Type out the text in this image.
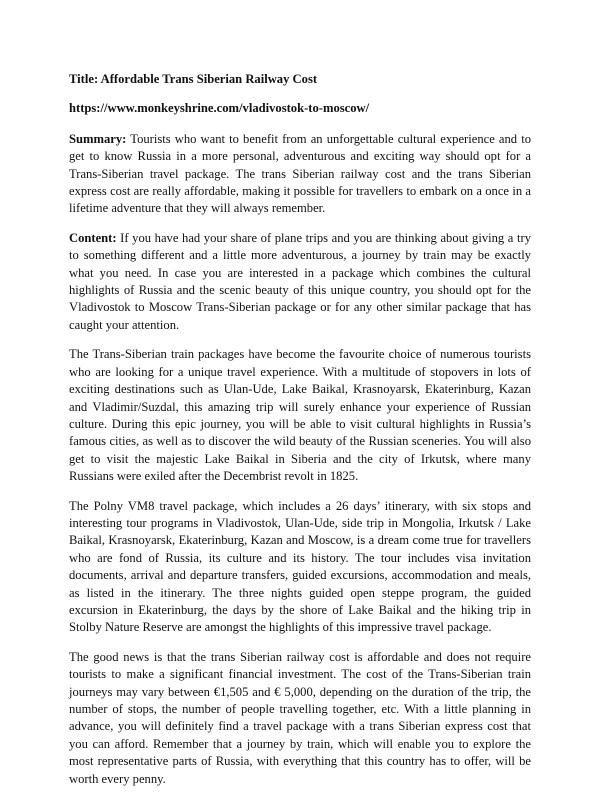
Title: Affordable Trans Siberian Railway Cost
https://www.monkeyshrine.com/vladivostok-to-moscow/

Summary: Tourists who want to benefit from an unforgettable cultural experience and to get to know Russia in a more personal, adventurous and exciting way should opt for a Trans-Siberian travel package. The trans Siberian railway cost and the trans Siberian express cost are really affordable, making it possible for travellers to embark on a once in a lifetime adventure that they will always remember.

Content: If you have had your share of plane trips and you are thinking about giving a try to something different and a little more adventurous, a journey by train may be exactly what you need. In case you are interested in a package which combines the cultural highlights of Russia and the scenic beauty of this unique country, you should opt for the Vladivostok to Moscow Trans-Siberian package or for any other similar package that has caught your attention.

The Trans-Siberian train packages have become the favourite choice of numerous tourists who are looking for a unique travel experience. With a multitude of stopovers in lots of exciting destinations such as Ulan-Ude, Lake Baikal, Krasnoyarsk, Ekaterinburg, Kazan and Vladimir/Suzdal, this amazing trip will surely enhance your experience of Russian culture. During this epic journey, you will be able to visit cultural highlights in Russia’s famous cities, as well as to discover the wild beauty of the Russian sceneries. You will also get to visit the majestic Lake Baikal in Siberia and the city of Irkutsk, where many Russians were exiled after the Decembrist revolt in 1825.

The Polny VM8 travel package, which includes a 26 days’ itinerary, with six stops and interesting tour programs in Vladivostok, Ulan-Ude, side trip in Mongolia, Irkutsk / Lake Baikal, Krasnoyarsk, Ekaterinburg, Kazan and Moscow, is a dream come true for travellers who are fond of Russia, its culture and its history. The tour includes visa invitation documents, arrival and departure transfers, guided excursions, accommodation and meals, as listed in the itinerary. The three nights guided open steppe program, the guided excursion in Ekaterinburg, the days by the shore of Lake Baikal and the hiking trip in Stolby Nature Reserve are amongst the highlights of this impressive travel package.

The good news is that the trans Siberian railway cost is affordable and does not require tourists to make a significant financial investment. The cost of the Trans-Siberian train journeys may vary between €1,505 and € 5,000, depending on the duration of the trip, the number of stops, the number of people travelling together, etc. With a little planning in advance, you will definitely find a travel package with a trans Siberian express cost that you can afford. Remember that a journey by train, which will enable you to explore the most representative parts of Russia, with everything that this country has to offer, will be worth every penny.
